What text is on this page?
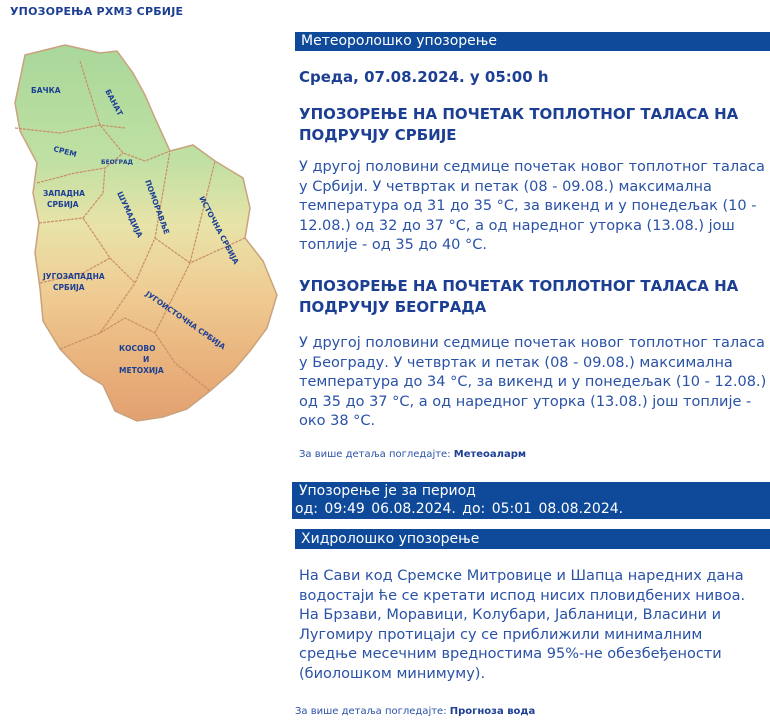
УПОЗОРЕЊА РХМЗ СРБИЈЕ
БАЧКА	БАНАТ
СРЕМ
БЕОГРАД
ЗАПАДНА
СРБИЈА	ШУМАДИЈА
ПОМОРАВЉЕ	ИСТОЧНА СРБИЈА
ЈУГОЗАПАДНА
СРБИЈА
ЈУГОИСТОЧНА СРБИЈА
КОСОВО
И
МЕТОХИЈА
Метеоролошко упозорење
Среда, 07.08.2024. у 05:00 h
УПОЗОРЕЊЕ НА ПОЧЕТАК ТОПЛОТНОГ ТАЛАСА НА ПОДРУЧЈУ СРБИЈЕ
У другој половини седмице почетак новог топлотног таласа у Србији. У четвртак и петак (08 - 09.08.) максимална температура од 31 до 35 °C, за викенд и у понедељак (10 - 12.08.) од 32 до 37 °C, а од наредног уторка (13.08.) још топлије - од 35 до 40 °C.
УПОЗОРЕЊЕ НА ПОЧЕТАК ТОПЛОТНОГ ТАЛАСА НА ПОДРУЧЈУ БЕОГРАДА
У другој половини седмице почетак новог топлотног таласа у Београду. У четвртак и петак (08 - 09.08.) максимална температура до 34 °C, за викенд и у понедељак (10 - 12.08.) од 35 до 37 °C, а од наредног уторка (13.08.) још топлије - око 38 °C.
За више детаља погледајте: Метеоаларм
Упозорење је за период
од: 09:49 06.08.2024. до: 05:01 08.08.2024.
Хидролошко упозорење
На Сави код Сремске Митровице и Шапца наредних дана водостаји ће се кретати испод нисих пловидбених нивоа. На Брзави, Моравици, Колубари, Јабланици, Власини и Лугомиру протицаји су се приближили минималним средње месечним вредностима 95%-не обезбеђености (биолошком минимуму).
За више детаља погледајте: Прогноза вода
